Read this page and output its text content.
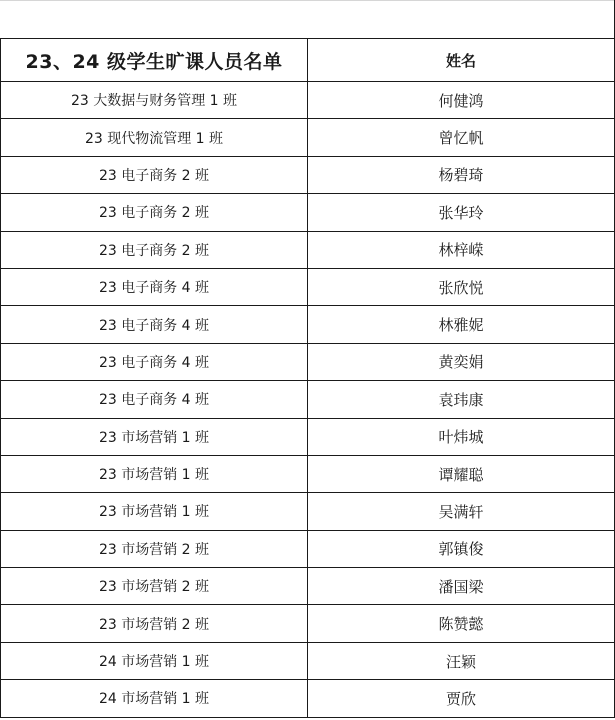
23、24 级学生旷课人员名单	姓名
23 大数据与财务管理 1 班	何健鸿
23 现代物流管理 1 班	曾忆帆
23 电子商务 2 班	杨碧琦
23 电子商务 2 班	张华玲
23 电子商务 2 班	林梓嵘
23 电子商务 4 班	张欣悦
23 电子商务 4 班	林雅妮
23 电子商务 4 班	黄奕娟
23 电子商务 4 班	袁玮康
23 市场营销 1 班	叶炜城
23 市场营销 1 班	谭耀聪
23 市场营销 1 班	吴满轩
23 市场营销 2 班	郭镇俊
23 市场营销 2 班	潘国梁
23 市场营销 2 班	陈赞懿
24 市场营销 1 班	汪颖
24 市场营销 1 班	贾欣
